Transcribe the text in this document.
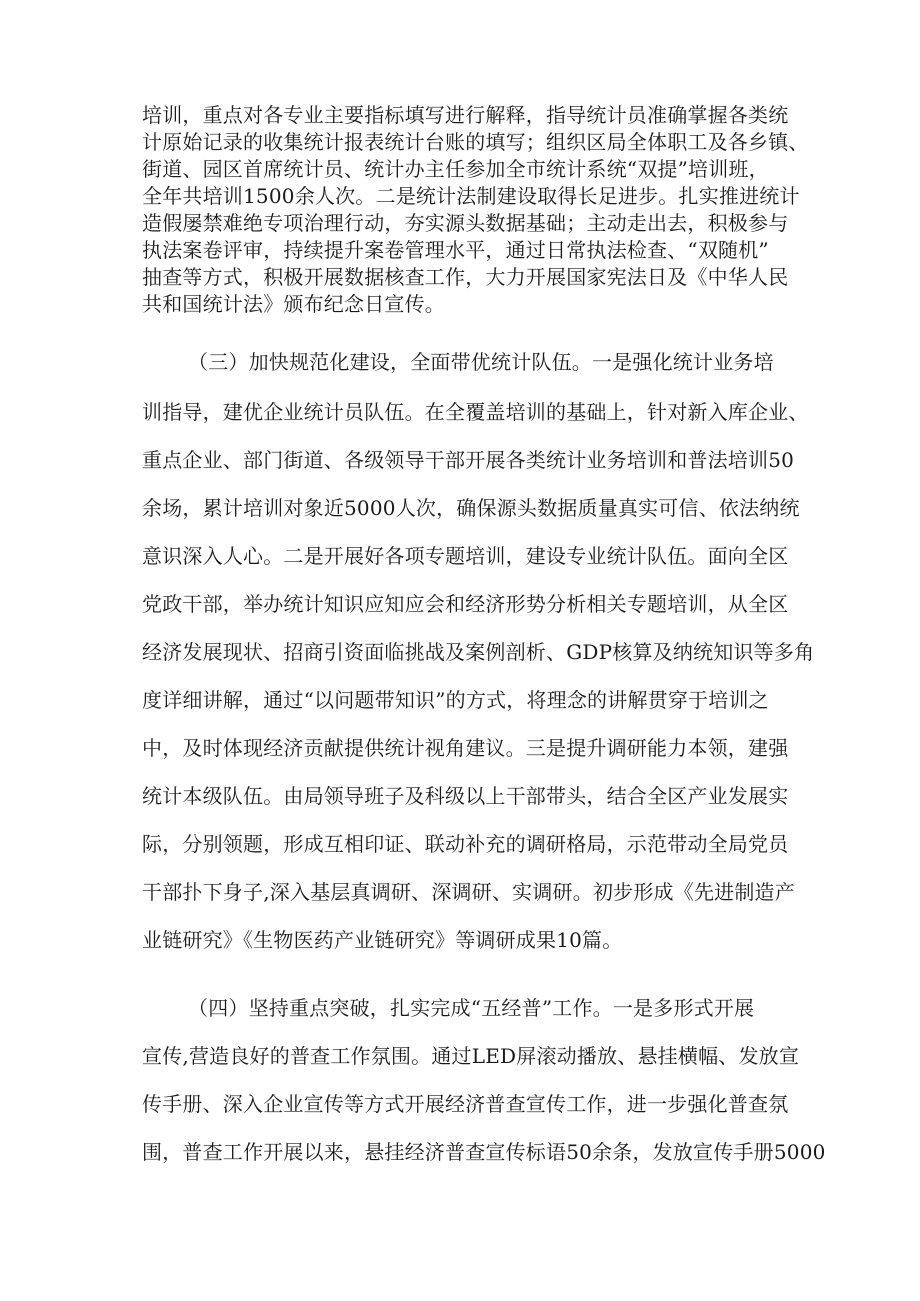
培训，重点对各专业主要指标填写进行解释，指导统计员准确掌握各类统
计原始记录的收集统计报表统计台账的填写；组织区局全体职工及各乡镇、
街道、园区首席统计员、统计办主任参加全市统计系统“双提”培训班，
全年共培训1500余人次。二是统计法制建设取得长足进步。扎实推进统计
造假屡禁难绝专项治理行动，夯实源头数据基础；主动走出去，积极参与
执法案卷评审，持续提升案卷管理水平，通过日常执法检查、“双随机”
抽查等方式，积极开展数据核查工作，大力开展国家宪法日及《中华人民
共和国统计法》颁布纪念日宣传。
（三）加快规范化建设，全面带优统计队伍。一是强化统计业务培
训指导，建优企业统计员队伍。在全覆盖培训的基础上，针对新入库企业、
重点企业、部门街道、各级领导干部开展各类统计业务培训和普法培训50
余场，累计培训对象近5000人次，确保源头数据质量真实可信、依法纳统
意识深入人心。二是开展好各项专题培训，建设专业统计队伍。面向全区
党政干部，举办统计知识应知应会和经济形势分析相关专题培训，从全区
经济发展现状、招商引资面临挑战及案例剖析、GDP核算及纳统知识等多角
度详细讲解，通过“以问题带知识”的方式，将理念的讲解贯穿于培训之
中，及时体现经济贡献提供统计视角建议。三是提升调研能力本领，建强
统计本级队伍。由局领导班子及科级以上干部带头，结合全区产业发展实
际，分别领题，形成互相印证、联动补充的调研格局，示范带动全局党员
干部扑下身子,深入基层真调研、深调研、实调研。初步形成《先进制造产
业链研究》《生物医药产业链研究》等调研成果10篇。
（四）坚持重点突破，扎实完成“五经普”工作。一是多形式开展
宣传,营造良好的普查工作氛围。通过LED屏滚动播放、悬挂横幅、发放宣
传手册、深入企业宣传等方式开展经济普查宣传工作，进一步强化普查氛
围，普查工作开展以来，悬挂经济普查宣传标语50余条，发放宣传手册5000
